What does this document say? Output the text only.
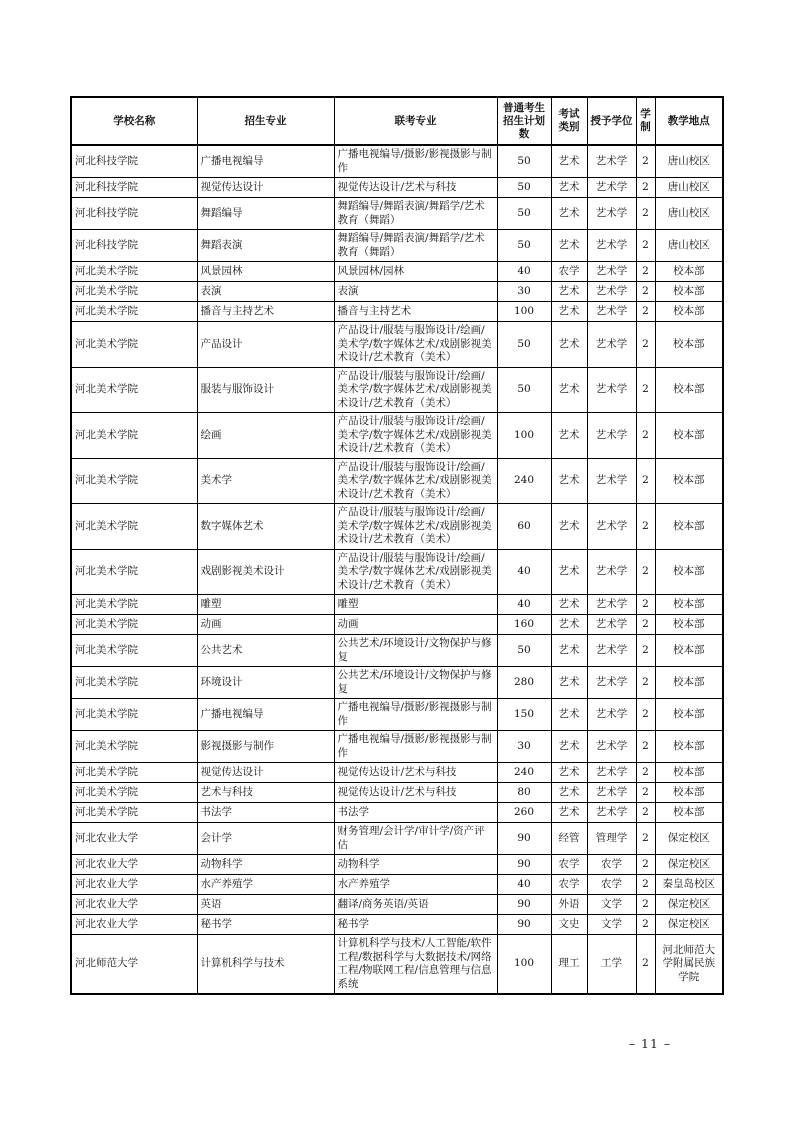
学校名称	招生专业	联考专业	普通考生招生计划数	考试类别	授予学位	学制	教学地点
河北科技学院	广播电视编导	广播电视编导/摄影/影视摄影与制作	50	艺术	艺术学	2	唐山校区
河北科技学院	视觉传达设计	视觉传达设计/艺术与科技	50	艺术	艺术学	2	唐山校区
河北科技学院	舞蹈编导	舞蹈编导/舞蹈表演/舞蹈学/艺术教育（舞蹈）	50	艺术	艺术学	2	唐山校区
河北科技学院	舞蹈表演	舞蹈编导/舞蹈表演/舞蹈学/艺术教育（舞蹈）	50	艺术	艺术学	2	唐山校区
河北美术学院	风景园林	风景园林/园林	40	农学	艺术学	2	校本部
河北美术学院	表演	表演	30	艺术	艺术学	2	校本部
河北美术学院	播音与主持艺术	播音与主持艺术	100	艺术	艺术学	2	校本部
河北美术学院	产品设计	产品设计/服装与服饰设计/绘画/美术学/数字媒体艺术/戏剧影视美术设计/艺术教育（美术）	50	艺术	艺术学	2	校本部
河北美术学院	服装与服饰设计	产品设计/服装与服饰设计/绘画/美术学/数字媒体艺术/戏剧影视美术设计/艺术教育（美术）	50	艺术	艺术学	2	校本部
河北美术学院	绘画	产品设计/服装与服饰设计/绘画/美术学/数字媒体艺术/戏剧影视美术设计/艺术教育（美术）	100	艺术	艺术学	2	校本部
河北美术学院	美术学	产品设计/服装与服饰设计/绘画/美术学/数字媒体艺术/戏剧影视美术设计/艺术教育（美术）	240	艺术	艺术学	2	校本部
河北美术学院	数字媒体艺术	产品设计/服装与服饰设计/绘画/美术学/数字媒体艺术/戏剧影视美术设计/艺术教育（美术）	60	艺术	艺术学	2	校本部
河北美术学院	戏剧影视美术设计	产品设计/服装与服饰设计/绘画/美术学/数字媒体艺术/戏剧影视美术设计/艺术教育（美术）	40	艺术	艺术学	2	校本部
河北美术学院	雕塑	雕塑	40	艺术	艺术学	2	校本部
河北美术学院	动画	动画	160	艺术	艺术学	2	校本部
河北美术学院	公共艺术	公共艺术/环境设计/文物保护与修复	50	艺术	艺术学	2	校本部
河北美术学院	环境设计	公共艺术/环境设计/文物保护与修复	280	艺术	艺术学	2	校本部
河北美术学院	广播电视编导	广播电视编导/摄影/影视摄影与制作	150	艺术	艺术学	2	校本部
河北美术学院	影视摄影与制作	广播电视编导/摄影/影视摄影与制作	30	艺术	艺术学	2	校本部
河北美术学院	视觉传达设计	视觉传达设计/艺术与科技	240	艺术	艺术学	2	校本部
河北美术学院	艺术与科技	视觉传达设计/艺术与科技	80	艺术	艺术学	2	校本部
河北美术学院	书法学	书法学	260	艺术	艺术学	2	校本部
河北农业大学	会计学	财务管理/会计学/审计学/资产评估	90	经管	管理学	2	保定校区
河北农业大学	动物科学	动物科学	90	农学	农学	2	保定校区
河北农业大学	水产养殖学	水产养殖学	40	农学	农学	2	秦皇岛校区
河北农业大学	英语	翻译/商务英语/英语	90	外语	文学	2	保定校区
河北农业大学	秘书学	秘书学	90	文史	文学	2	保定校区
河北师范大学	计算机科学与技术	计算机科学与技术/人工智能/软件工程/数据科学与大数据技术/网络工程/物联网工程/信息管理与信息系统	100	理工	工学	2	河北师范大学附属民族学院
– 11 –
